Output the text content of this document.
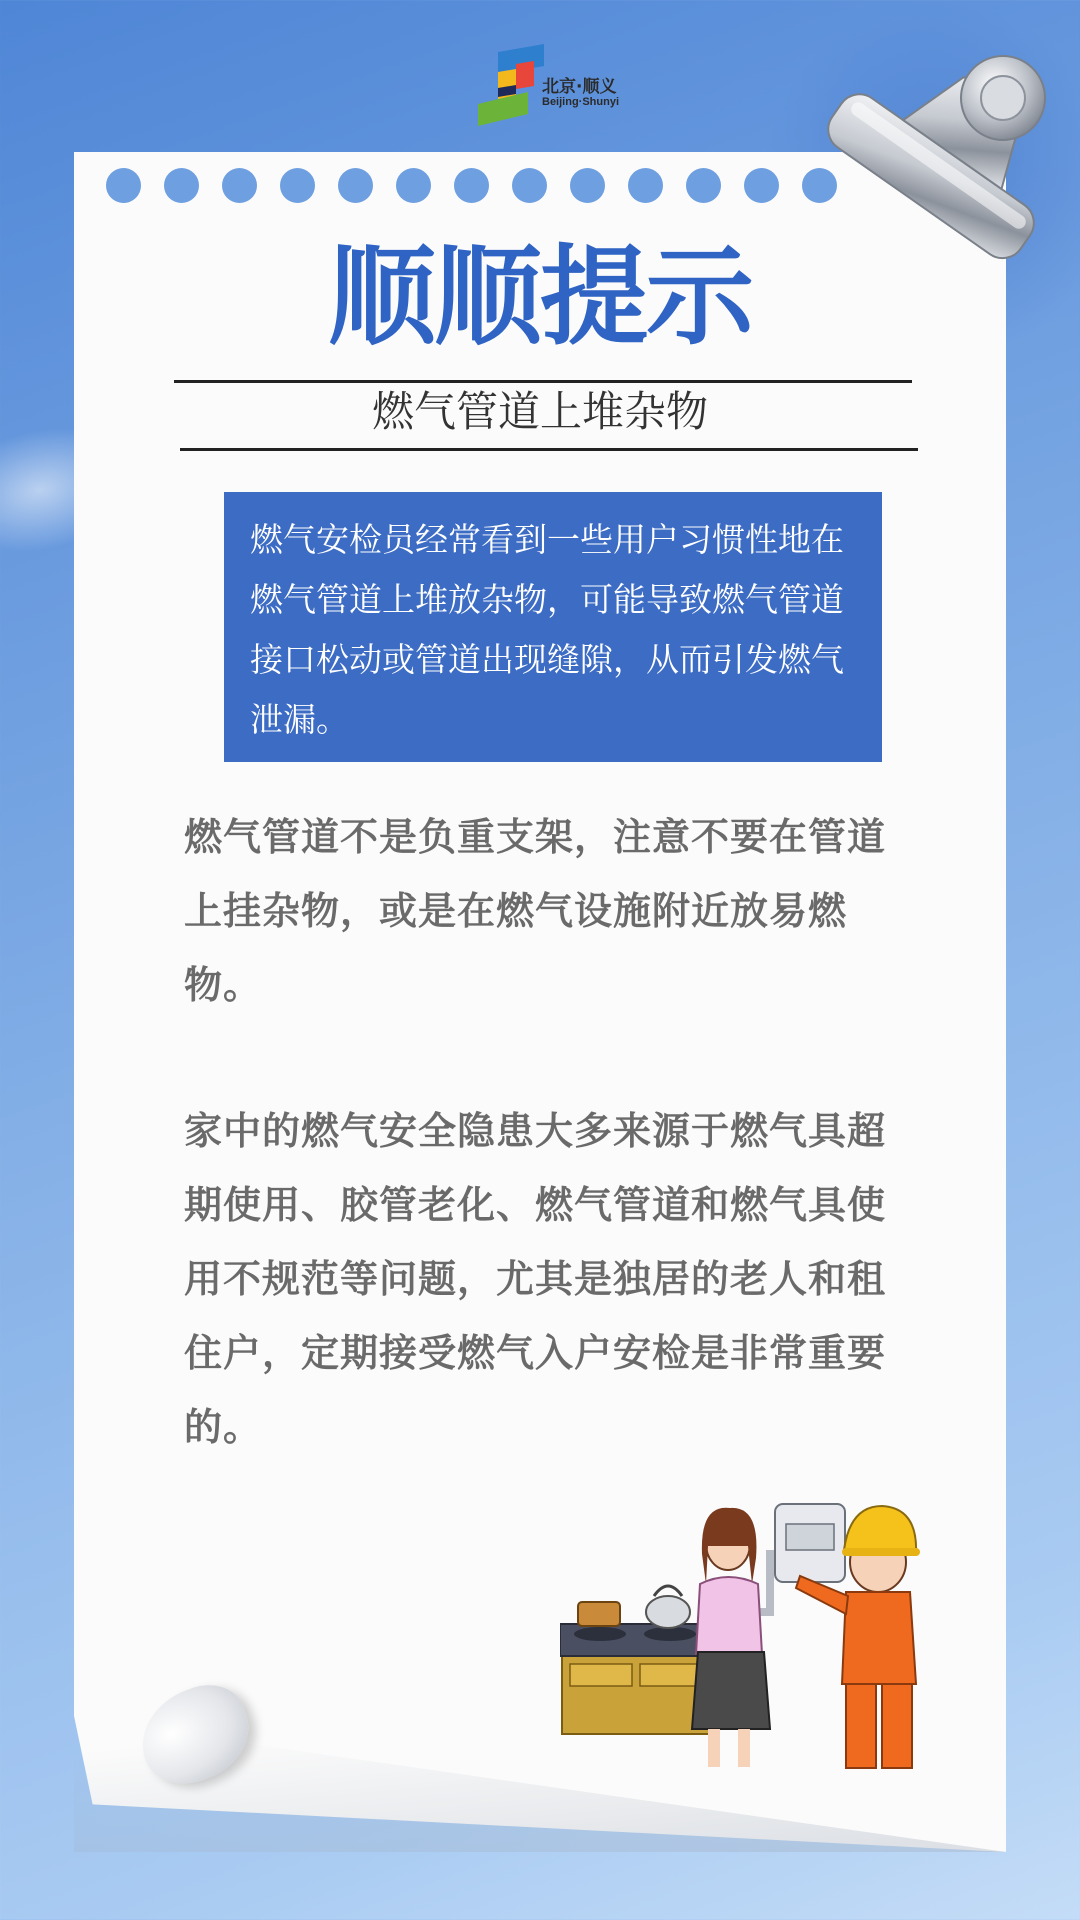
北京·顺义
Beijing·Shunyi
顺顺提示
燃气管道上堆杂物

燃气安检员经常看到一些用户习惯性地在燃气管道上堆放杂物，可能导致燃气管道接口松动或管道出现缝隙，从而引发燃气泄漏。

燃气管道不是负重支架，注意不要在管道上挂杂物，或是在燃气设施附近放易燃物。

家中的燃气安全隐患大多来源于燃气具超期使用、胶管老化、燃气管道和燃气具使用不规范等问题，尤其是独居的老人和租住户，定期接受燃气入户安检是非常重要的。
